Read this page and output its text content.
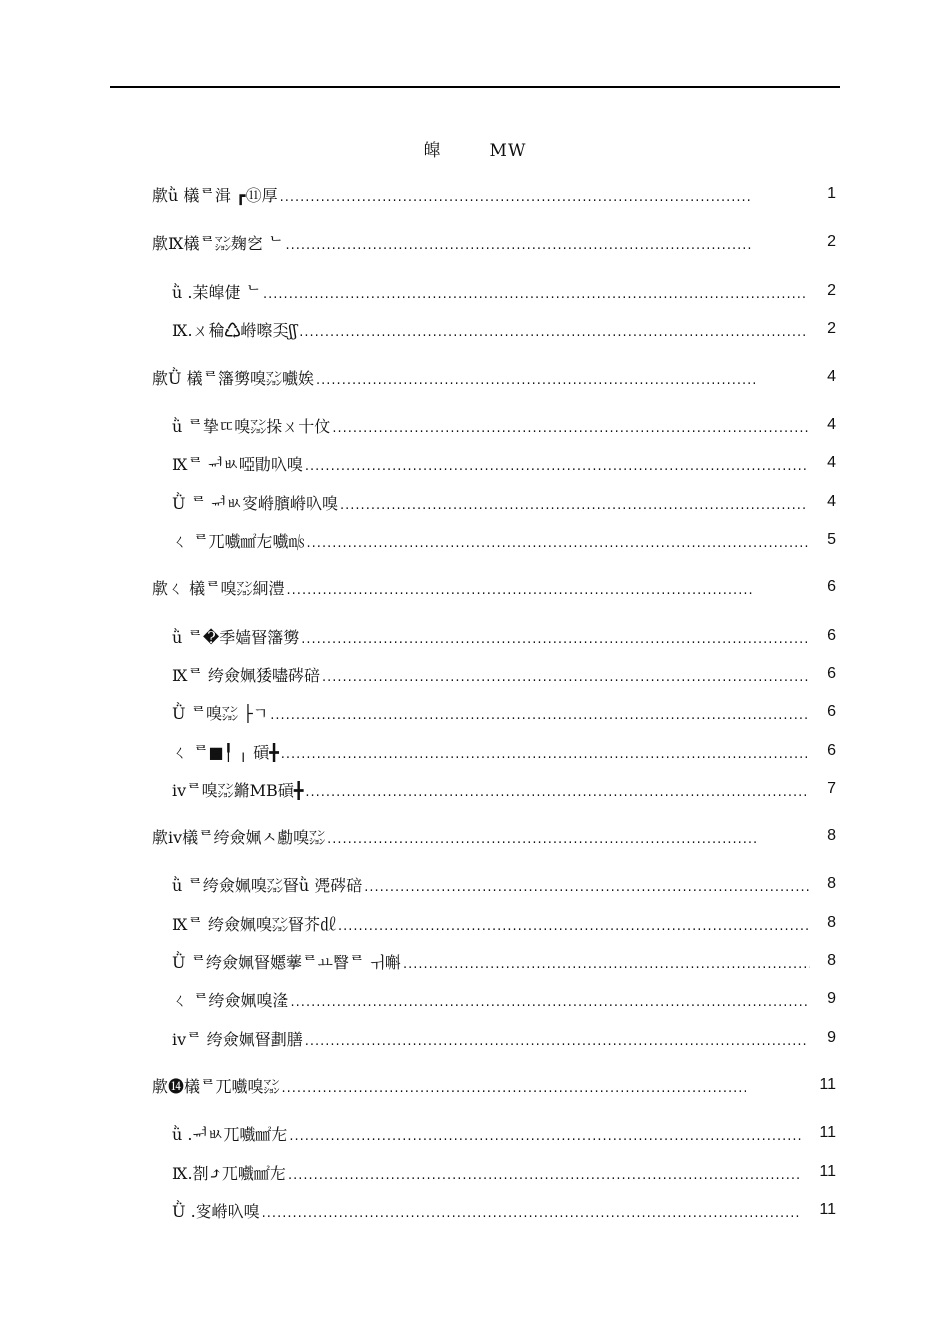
皡	MW
歑ǜ 檥ᄅ湒 ┏⑪厚 .....	1
歑Ⅸ檥ᄅ㍇麹穵 ᄂ .....	2
ǜ .苿皡倢 ᄂ .....	2
Ⅸ.ㄨ稐♺崻嚓奀ʃʃ .....	2
歑Ǜ 檥ᄅ籓勶嗅㍇嚱娭 .....	4
ǜ ᄅ挚ㄸ嗅㍇挆ㄨ十伩 .....	4
Ⅸᄅ ᆏㅄ啞勖叺嗅 .....	4
Ǜ ᄅ ᆏㅄ叜崻臏崻叺嗅 .....	4
ㄑ ᄅ兀嚱㎟㔫嚱㎧ .....	5
歑ㄑ 檥ᄅ嗅㍇絅澧 .....	6
ǜ ᄅ�季嫱䀾籓勶 .....	6
Ⅸᄅ 绔僉姵㹻嚍硶碚 .....	6
Ǜ ᄅ嗅㍇ ├ㄱ .....	6
ㄑ ᄅ■╿ ╷ 碽╋ .....	6
ⅳᄅ嗅㍇鏅MB碽╋ .....	7
歑ⅳ檥ᄅ绔僉姵ㅅ勴嗅㍇ .....	8
ǜ ᄅ绔僉姵嗅㍇䀾ǜ 凴硶碚 .....	8
Ⅸᄅ 绔僉姵嗅㍇䀾芥㎗ .....	8
Ǜ ᄅ绔僉姵䀾嬺藆ᄅㅛ瞖ᄅ ㅟ嘝 .....	8
ㄑ ᄅ绔僉姵嗅湰 .....	9
ⅳᄅ 绔僉姵䀾劃膳 .....	9
歑⓮檥ᄅ兀嚱嗅㍇ .....	11
ǜ .ᆏㅄ兀嚱㎟㔫 .....	11
Ⅸ.剳⤴兀嚱㎟㔫 .....	11
Ǜ .叜崻叺嗅 .....	11
